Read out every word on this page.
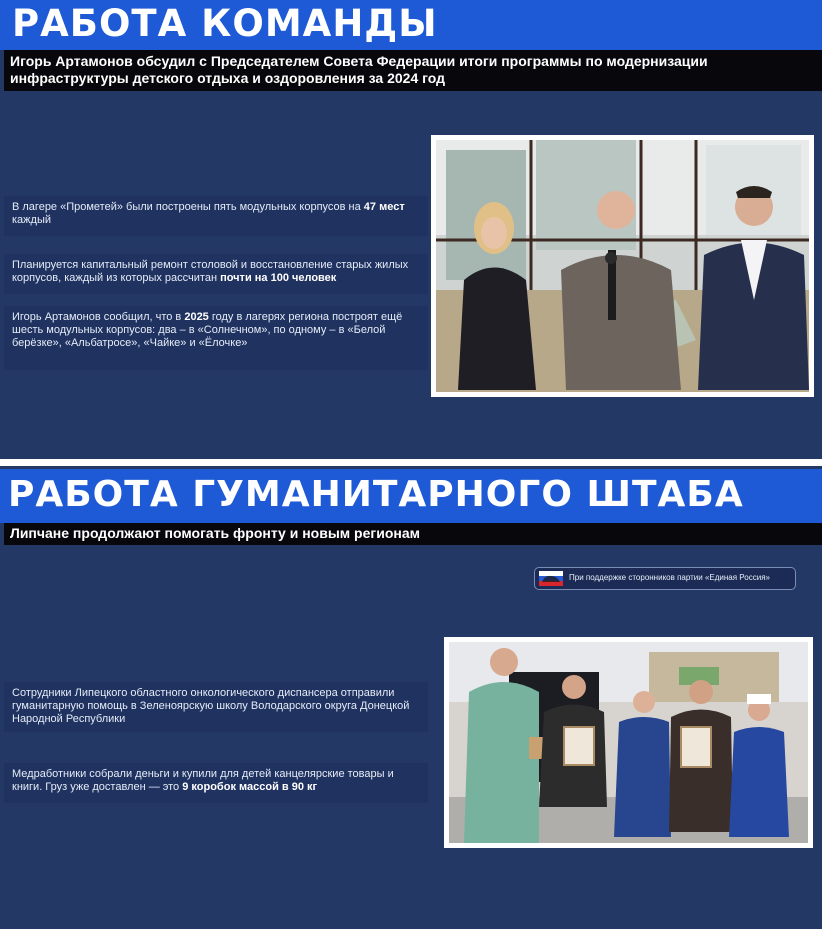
РАБОТА КОМАНДЫ
Игорь Артамонов обсудил с Председателем Совета Федерации итоги программы по модернизации инфраструктуры детского отдыха и оздоровления за 2024 год
В лагере «Прометей» были построены пять модульных корпусов на 47 мест каждый
Планируется капитальный ремонт столовой и восстановление старых жилых корпусов, каждый из которых рассчитан почти на 100 человек
Игорь Артамонов сообщил, что в 2025 году в лагерях региона построят ещё шесть модульных корпусов: два – в «Солнечном», по одному – в «Белой берёзке», «Альбатросе», «Чайке» и «Ёлочке»
РАБОТА ГУМАНИТАРНОГО ШТАБА
Липчане продолжают помогать фронту и новым регионам
При поддержке сторонников партии «Единая Россия»
Сотрудники Липецкого областного онкологического диспансера отправили гуманитарную помощь в Зеленоярскую школу Володарского округа Донецкой Народной Республики
Медработники собрали деньги и купили для детей канцелярские товары и книги. Груз уже доставлен — это 9 коробок массой в 90 кг
